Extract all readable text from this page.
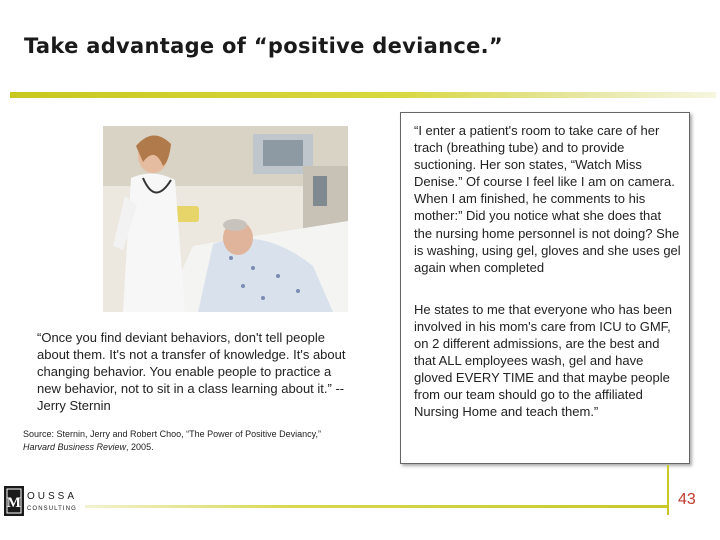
Take advantage of “positive deviance.”
“Once you find deviant behaviors, don't tell people about them. It's not a transfer of knowledge. It's about changing behavior. You enable people to practice a new behavior, not to sit in a class learning about it.” -- Jerry Sternin
Source: Sternin, Jerry and Robert Choo, “The Power of Positive Deviancy,” Harvard Business Review, 2005.
“I enter a patient's room to take care of her trach (breathing tube) and to provide suctioning. Her son states, “Watch Miss Denise.” Of course I feel like I am on camera. When I am finished, he comments to his mother:” Did you notice what she does that the nursing home personnel is not doing? She is washing, using gel, gloves and she uses gel again when completed
He states to me that everyone who has been involved in his mom's care from ICU to GMF, on 2 different admissions, are the best and that ALL employees wash, gel and have gloved EVERY TIME and that maybe people from our team should go to the affiliated Nursing Home and teach them.”
M OUSSA
CONSULTING
43
